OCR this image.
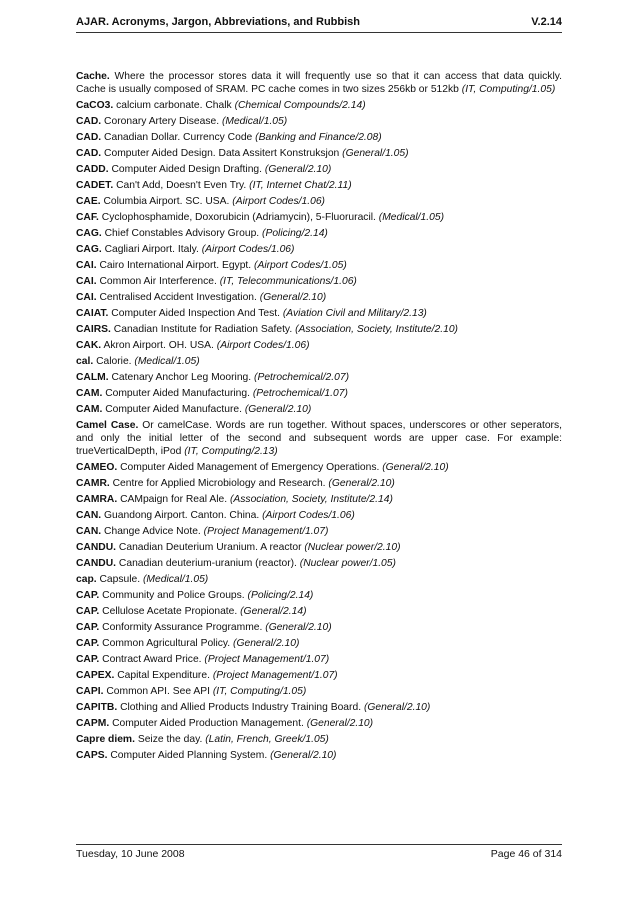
AJAR. Acronyms, Jargon, Abbreviations, and Rubbish	V.2.14
Cache. Where the processor stores data it will frequently use so that it can access that data quickly. Cache is usually composed of SRAM. PC cache comes in two sizes 256kb or 512kb (IT, Computing/1.05)
CaCO3. calcium carbonate. Chalk (Chemical Compounds/2.14)
CAD. Coronary Artery Disease. (Medical/1.05)
CAD. Canadian Dollar. Currency Code (Banking and Finance/2.08)
CAD. Computer Aided Design. Data Assitert Konstruksjon (General/1.05)
CADD. Computer Aided Design Drafting. (General/2.10)
CADET. Can't Add, Doesn't Even Try. (IT, Internet Chat/2.11)
CAE. Columbia Airport. SC. USA. (Airport Codes/1.06)
CAF. Cyclophosphamide, Doxorubicin (Adriamycin), 5-Fluoruracil. (Medical/1.05)
CAG. Chief Constables Advisory Group. (Policing/2.14)
CAG. Cagliari Airport. Italy. (Airport Codes/1.06)
CAI. Cairo International Airport. Egypt. (Airport Codes/1.05)
CAI. Common Air Interference. (IT, Telecommunications/1.06)
CAI. Centralised Accident Investigation. (General/2.10)
CAIAT. Computer Aided Inspection And Test. (Aviation Civil and Military/2.13)
CAIRS. Canadian Institute for Radiation Safety. (Association, Society, Institute/2.10)
CAK. Akron Airport. OH. USA. (Airport Codes/1.06)
cal. Calorie. (Medical/1.05)
CALM. Catenary Anchor Leg Mooring. (Petrochemical/2.07)
CAM. Computer Aided Manufacturing. (Petrochemical/1.07)
CAM. Computer Aided Manufacture. (General/2.10)
Camel Case. Or camelCase. Words are run together. Without spaces, underscores or other seperators, and only the initial letter of the second and subsequent words are upper case. For example: trueVerticalDepth, iPod (IT, Computing/2.13)
CAMEO. Computer Aided Management of Emergency Operations. (General/2.10)
CAMR. Centre for Applied Microbiology and Research. (General/2.10)
CAMRA. CAMpaign for Real Ale. (Association, Society, Institute/2.14)
CAN. Guandong Airport. Canton. China. (Airport Codes/1.06)
CAN. Change Advice Note. (Project Management/1.07)
CANDU. Canadian Deuterium Uranium. A reactor (Nuclear power/2.10)
CANDU. Canadian deuterium-uranium (reactor). (Nuclear power/1.05)
cap. Capsule. (Medical/1.05)
CAP. Community and Police Groups. (Policing/2.14)
CAP. Cellulose Acetate Propionate. (General/2.14)
CAP. Conformity Assurance Programme. (General/2.10)
CAP. Common Agricultural Policy. (General/2.10)
CAP. Contract Award Price. (Project Management/1.07)
CAPEX. Capital Expenditure. (Project Management/1.07)
CAPI. Common API. See API (IT, Computing/1.05)
CAPITB. Clothing and Allied Products Industry Training Board. (General/2.10)
CAPM. Computer Aided Production Management. (General/2.10)
Capre diem. Seize the day. (Latin, French, Greek/1.05)
CAPS. Computer Aided Planning System. (General/2.10)
Tuesday, 10 June 2008	Page 46 of 314
